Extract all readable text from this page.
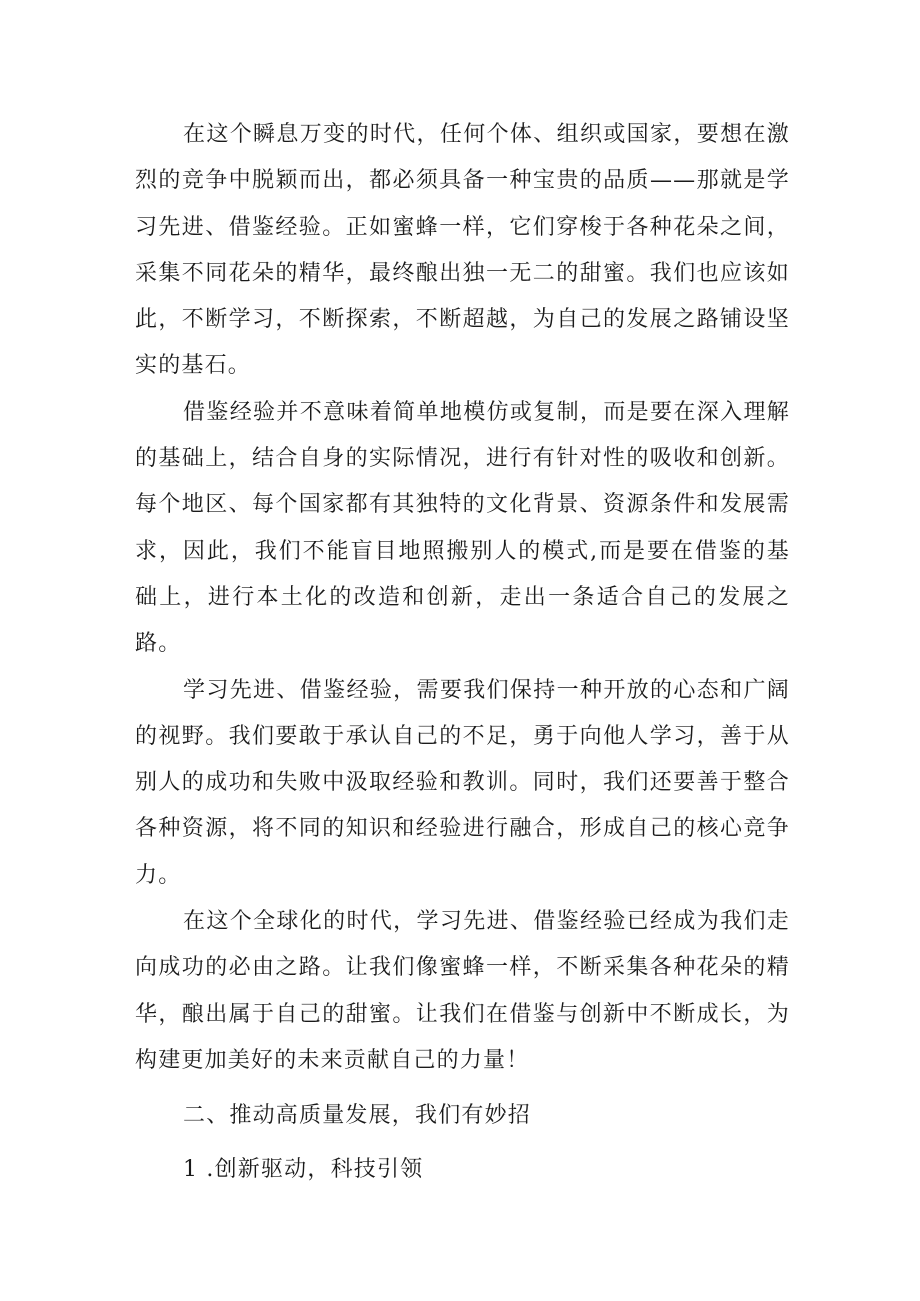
在这个瞬息万变的时代，任何个体、组织或国家，要想在激烈的竞争中脱颖而出，都必须具备一种宝贵的品质——那就是学习先进、借鉴经验。正如蜜蜂一样，它们穿梭于各种花朵之间，采集不同花朵的精华，最终酿出独一无二的甜蜜。我们也应该如此，不断学习，不断探索，不断超越，为自己的发展之路铺设坚实的基石。

借鉴经验并不意味着简单地模仿或复制，而是要在深入理解的基础上，结合自身的实际情况，进行有针对性的吸收和创新。每个地区、每个国家都有其独特的文化背景、资源条件和发展需求，因此，我们不能盲目地照搬别人的模式,而是要在借鉴的基础上，进行本土化的改造和创新，走出一条适合自己的发展之路。

学习先进、借鉴经验，需要我们保持一种开放的心态和广阔的视野。我们要敢于承认自己的不足，勇于向他人学习，善于从别人的成功和失败中汲取经验和教训。同时，我们还要善于整合各种资源，将不同的知识和经验进行融合，形成自己的核心竞争力。

在这个全球化的时代，学习先进、借鉴经验已经成为我们走向成功的必由之路。让我们像蜜蜂一样，不断采集各种花朵的精华，酿出属于自己的甜蜜。让我们在借鉴与创新中不断成长，为构建更加美好的未来贡献自己的力量！

二、推动高质量发展，我们有妙招

1 .创新驱动，科技引领
